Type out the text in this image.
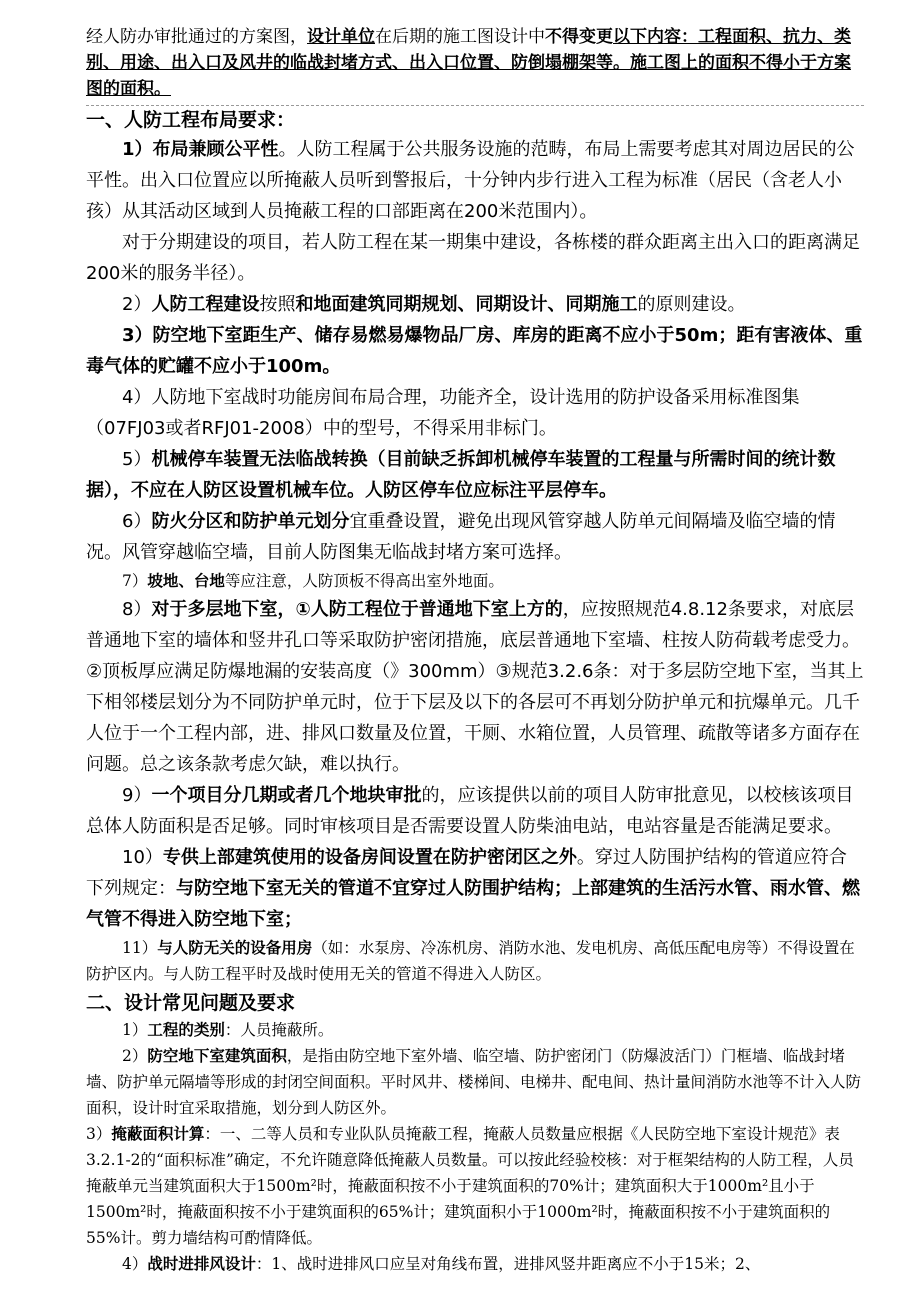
经人防办审批通过的方案图，设计单位在后期的施工图设计中不得变更以下内容：工程面积、抗力、类别、用途、出入口及风井的临战封堵方式、出入口位置、防倒塌棚架等。施工图上的面积不得小于方案图的面积。

一、人防工程布局要求：

1）布局兼顾公平性。人防工程属于公共服务设施的范畴，布局上需要考虑其对周边居民的公平性。出入口位置应以所掩蔽人员听到警报后，十分钟内步行进入工程为标准（居民（含老人小孩）从其活动区域到人员掩蔽工程的口部距离在200米范围内）。

对于分期建设的项目，若人防工程在某一期集中建设，各栋楼的群众距离主出入口的距离满足200米的服务半径）。

2）人防工程建设按照和地面建筑同期规划、同期设计、同期施工的原则建设。

3）防空地下室距生产、储存易燃易爆物品厂房、库房的距离不应小于50m；距有害液体、重毒气体的贮罐不应小于100m。

4）人防地下室战时功能房间布局合理，功能齐全，设计选用的防护设备采用标准图集（07FJ03或者RFJ01-2008）中的型号，不得采用非标门。

5）机械停车装置无法临战转换（目前缺乏拆卸机械停车装置的工程量与所需时间的统计数据），不应在人防区设置机械车位。人防区停车位应标注平层停车。

6）防火分区和防护单元划分宜重叠设置，避免出现风管穿越人防单元间隔墙及临空墙的情况。风管穿越临空墙，目前人防图集无临战封堵方案可选择。

7）坡地、台地等应注意，人防顶板不得高出室外地面。

8）对于多层地下室，①人防工程位于普通地下室上方的，应按照规范4.8.12条要求，对底层普通地下室的墙体和竖井孔口等采取防护密闭措施，底层普通地下室墙、柱按人防荷载考虑受力。②顶板厚应满足防爆地漏的安装高度（》300mm）③规范3.2.6条：对于多层防空地下室，当其上下相邻楼层划分为不同防护单元时，位于下层及以下的各层可不再划分防护单元和抗爆单元。几千人位于一个工程内部，进、排风口数量及位置，干厕、水箱位置，人员管理、疏散等诸多方面存在问题。总之该条款考虑欠缺，难以执行。

9）一个项目分几期或者几个地块审批的，应该提供以前的项目人防审批意见，以校核该项目总体人防面积是否足够。同时审核项目是否需要设置人防柴油电站，电站容量是否能满足要求。

10）专供上部建筑使用的设备房间设置在防护密闭区之外。穿过人防围护结构的管道应符合下列规定：与防空地下室无关的管道不宜穿过人防围护结构；上部建筑的生活污水管、雨水管、燃气管不得进入防空地下室；

11）与人防无关的设备用房（如：水泵房、冷冻机房、消防水池、发电机房、高低压配电房等）不得设置在防护区内。与人防工程平时及战时使用无关的管道不得进入人防区。

二、设计常见问题及要求

1）工程的类别：人员掩蔽所。

2）防空地下室建筑面积，是指由防空地下室外墙、临空墙、防护密闭门（防爆波活门）门框墙、临战封堵墙、防护单元隔墙等形成的封闭空间面积。平时风井、楼梯间、电梯井、配电间、热计量间消防水池等不计入人防面积，设计时宜采取措施，划分到人防区外。

3）掩蔽面积计算：一、二等人员和专业队队员掩蔽工程，掩蔽人员数量应根据《人民防空地下室设计规范》表3.2.1-2的“面积标准”确定，不允许随意降低掩蔽人员数量。可以按此经验校核：对于框架结构的人防工程，人员掩蔽单元当建筑面积大于1500m²时，掩蔽面积按不小于建筑面积的70%计；建筑面积大于1000m²且小于1500m²时，掩蔽面积按不小于建筑面积的65%计；建筑面积小于1000m²时，掩蔽面积按不小于建筑面积的55%计。剪力墙结构可酌情降低。

4）战时进排风设计：1、战时进排风口应呈对角线布置，进排风竖井距离应不小于15米；2、
